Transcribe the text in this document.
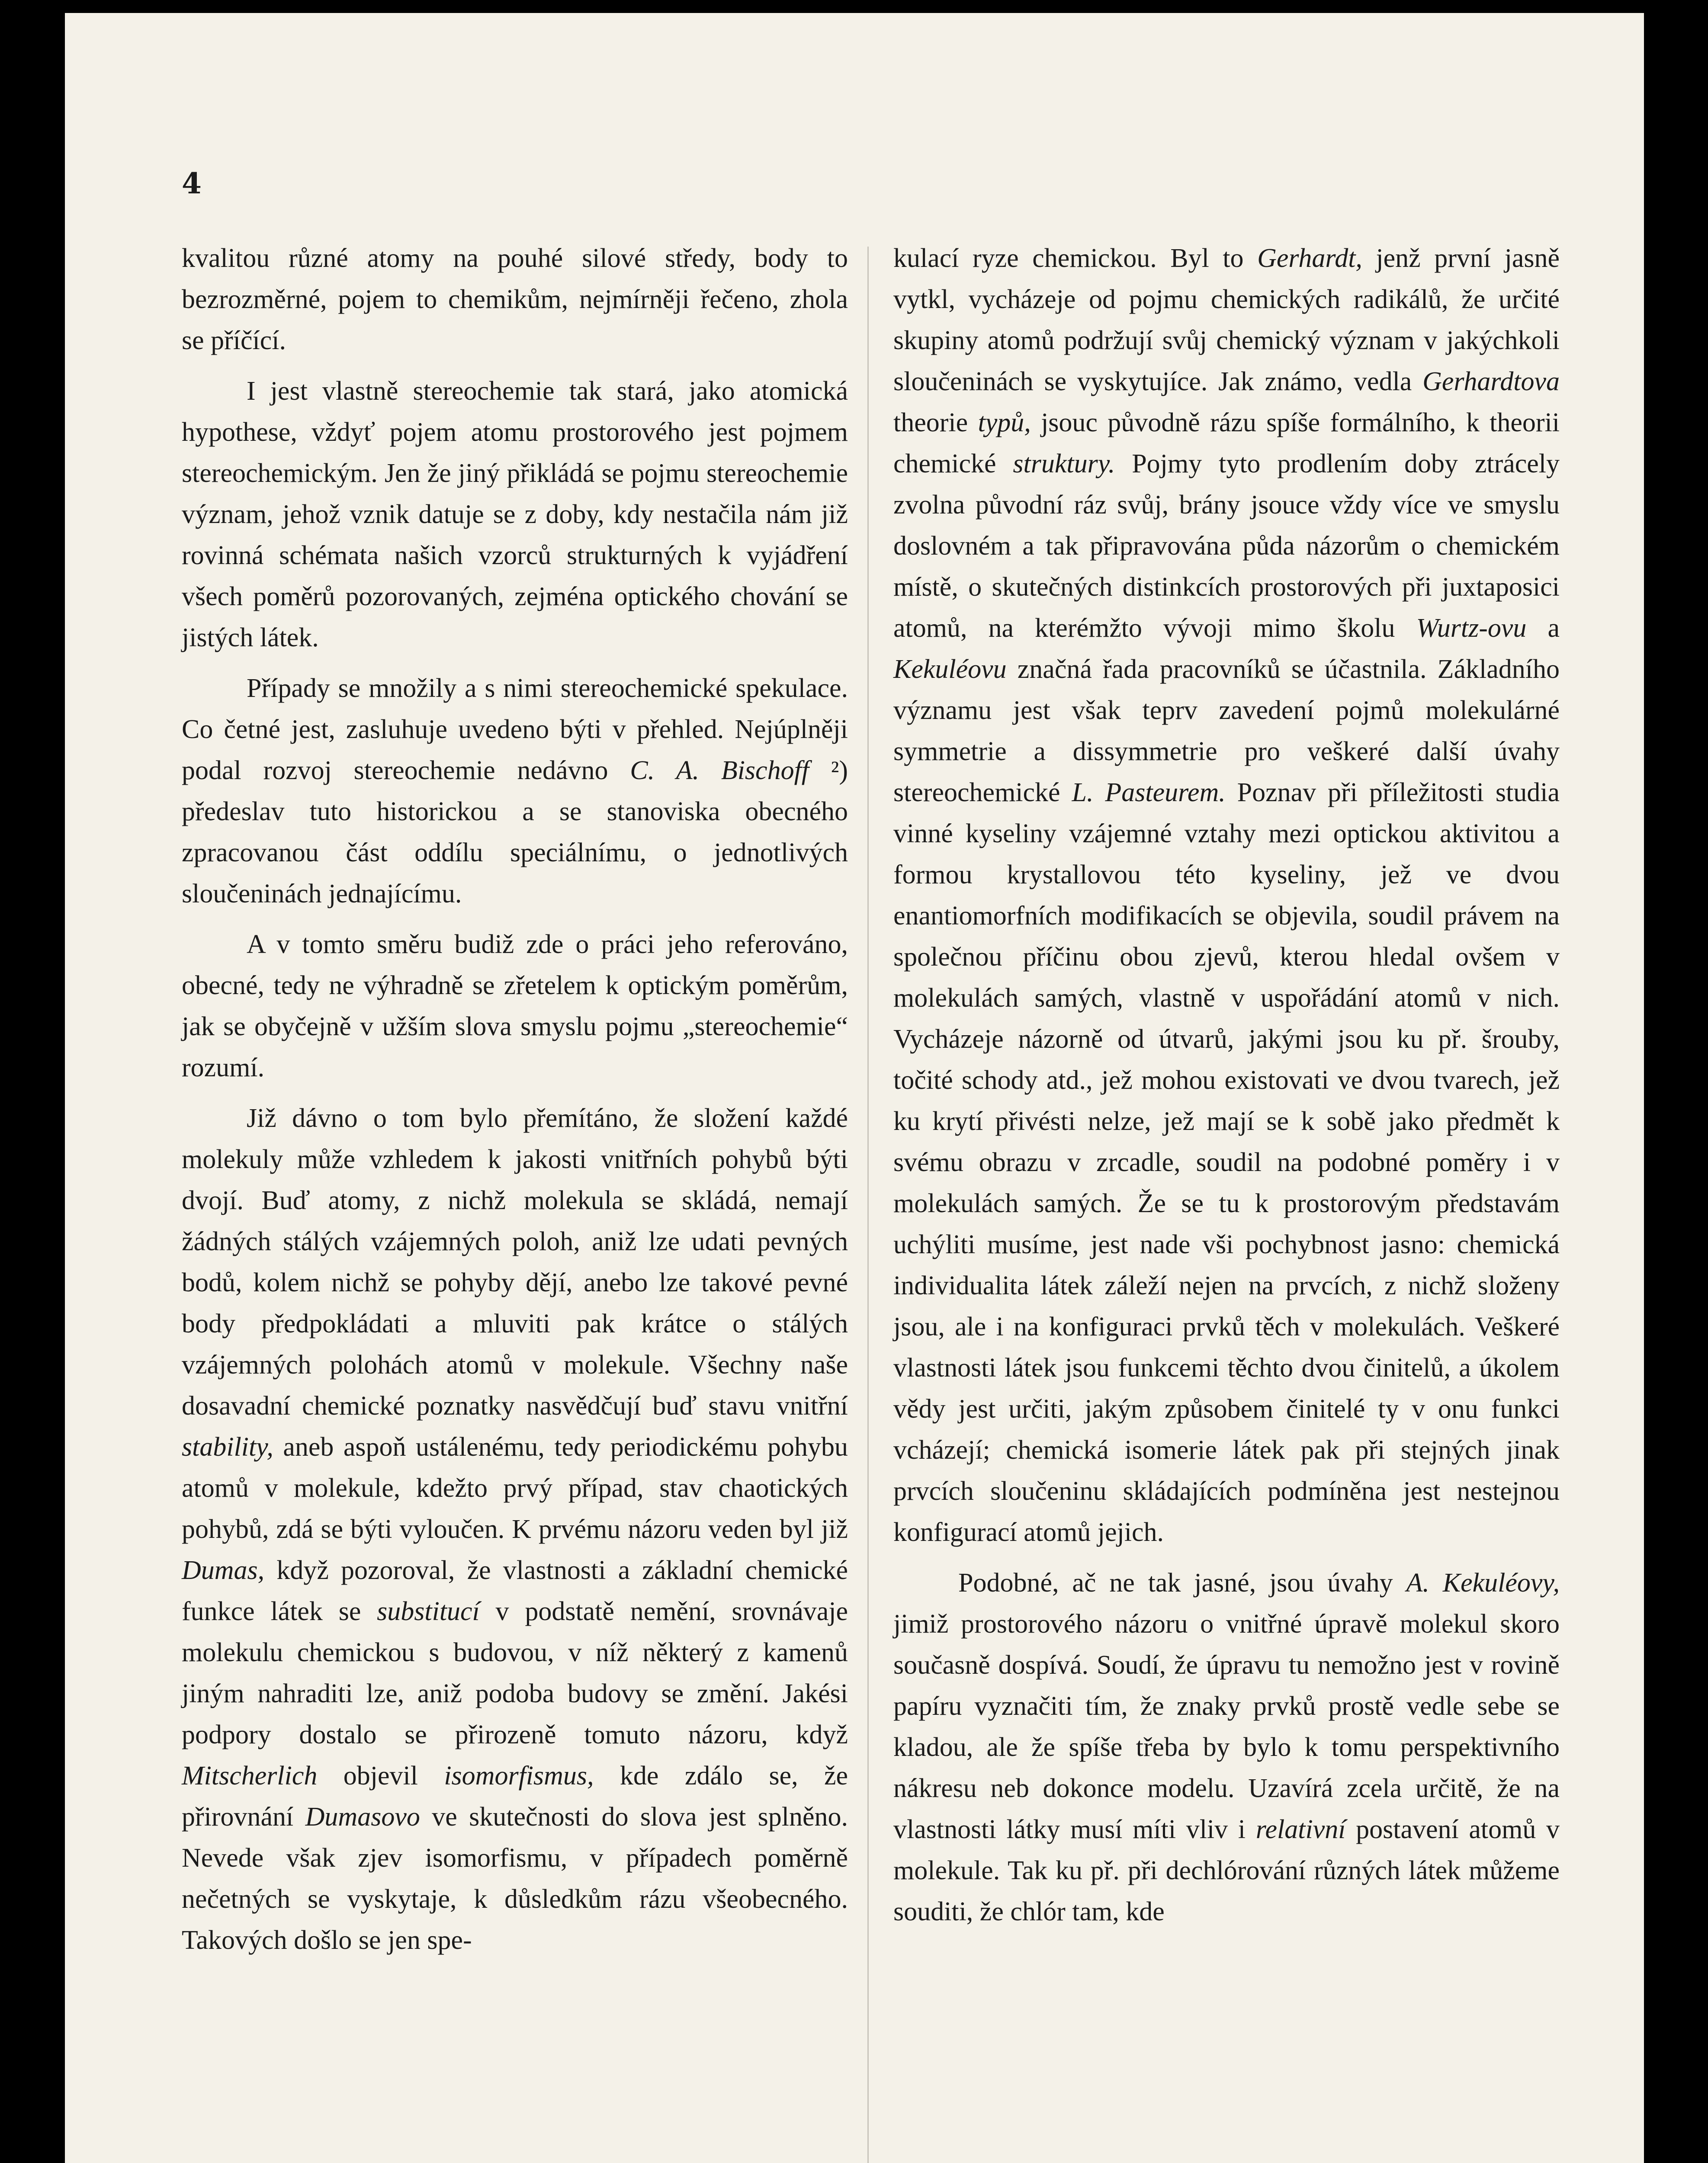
4

kvalitou různé atomy na pouhé silové středy, body to bezrozměrné, pojem to chemikům, nejmírněji řečeno, zhola se příčící.

I jest vlastně stereochemie tak stará, jako atomická hypothese, vždyť pojem atomu prostorového jest pojmem stereochemickým. Jen že jiný přikládá se pojmu stereochemie význam, jehož vznik datuje se z doby, kdy nestačila nám již rovinná schémata našich vzorců strukturných k vyjádření všech poměrů pozorovaných, zejména optického chování se jistých látek.

Případy se množily a s nimi stereochemické spekulace. Co četné jest, zasluhuje uvedeno býti v přehled. Nejúplněji podal rozvoj stereochemie nedávno C. A. Bischoff ²) předeslav tuto historickou a se stanoviska obecného zpracovanou část oddílu speciálnímu, o jednotlivých sloučeninách jednajícímu.

A v tomto směru budiž zde o práci jeho referováno, obecné, tedy ne výhradně se zřetelem k optickým poměrům, jak se obyčejně v užším slova smyslu pojmu „stereochemie“ rozumí.

Již dávno o tom bylo přemítáno, že složení každé molekuly může vzhledem k jakosti vnitřních pohybů býti dvojí. Buď atomy, z nichž molekula se skládá, nemají žádných stálých vzájemných poloh, aniž lze udati pevných bodů, kolem nichž se pohyby dějí, anebo lze takové pevné body předpokládati a mluviti pak krátce o stálých vzájemných polohách atomů v molekule. Všechny naše dosavadní chemické poznatky nasvědčují buď stavu vnitřní stability, aneb aspoň ustálenému, tedy periodickému pohybu atomů v molekule, kdežto prvý případ, stav chaotických pohybů, zdá se býti vyloučen. K prvému názoru veden byl již Dumas, když pozoroval, že vlastnosti a základní chemické funkce látek se substitucí v podstatě nemění, srovnávaje molekulu chemickou s budovou, v níž některý z kamenů jiným nahraditi lze, aniž podoba budovy se změní. Jakési podpory dostalo se přirozeně tomuto názoru, když Mitscherlich objevil isomorfismus, kde zdálo se, že přirovnání Dumasovo ve skutečnosti do slova jest splněno. Nevede však zjev isomorfismu, v případech poměrně nečetných se vyskytaje, k důsledkům rázu všeobecného. Takových došlo se jen spe-

kulací ryze chemickou. Byl to Gerhardt, jenž první jasně vytkl, vycházeje od pojmu chemických radikálů, že určité skupiny atomů podržují svůj chemický význam v jakýchkoli sloučeninách se vyskytujíce. Jak známo, vedla Gerhardtova theorie typů, jsouc původně rázu spíše formálního, k theorii chemické struktury. Pojmy tyto prodlením doby ztrácely zvolna původní ráz svůj, brány jsouce vždy více ve smyslu doslovném a tak připravována půda názorům o chemickém místě, o skutečných distinkcích prostorových při juxtaposici atomů, na kterémžto vývoji mimo školu Wurtz-ovu a Kekuléovu značná řada pracovníků se účastnila. Základního významu jest však teprv zavedení pojmů molekulárné symmetrie a dissymmetrie pro veškeré další úvahy stereochemické L. Pasteurem. Poznav při příležitosti studia vinné kyseliny vzájemné vztahy mezi optickou aktivitou a formou krystallovou této kyseliny, jež ve dvou enantiomorfních modifikacích se objevila, soudil právem na společnou příčinu obou zjevů, kterou hledal ovšem v molekulách samých, vlastně v uspořádání atomů v nich. Vycházeje názorně od útvarů, jakými jsou ku př. šrouby, točité schody atd., jež mohou existovati ve dvou tvarech, jež ku krytí přivésti nelze, jež mají se k sobě jako předmět k svému obrazu v zrcadle, soudil na podobné poměry i v molekulách samých. Že se tu k prostorovým představám uchýliti musíme, jest nade vši pochybnost jasno: chemická individualita látek záleží nejen na prvcích, z nichž složeny jsou, ale i na konfiguraci prvků těch v molekulách. Veškeré vlastnosti látek jsou funkcemi těchto dvou činitelů, a úkolem vědy jest určiti, jakým způsobem činitelé ty v onu funkci vcházejí; chemická isomerie látek pak při stejných jinak prvcích sloučeninu skládajících podmíněna jest nestejnou konfigurací atomů jejich.

Podobné, ač ne tak jasné, jsou úvahy A. Kekuléovy, jimiž prostorového názoru o vnitřné úpravě molekul skoro současně dospívá. Soudí, že úpravu tu nemožno jest v rovině papíru vyznačiti tím, že znaky prvků prostě vedle sebe se kladou, ale že spíše třeba by bylo k tomu perspektivního nákresu neb dokonce modelu. Uzavírá zcela určitě, že na vlastnosti látky musí míti vliv i relativní postavení atomů v molekule. Tak ku př. při dechlórování různých látek můžeme souditi, že chlór tam, kde
